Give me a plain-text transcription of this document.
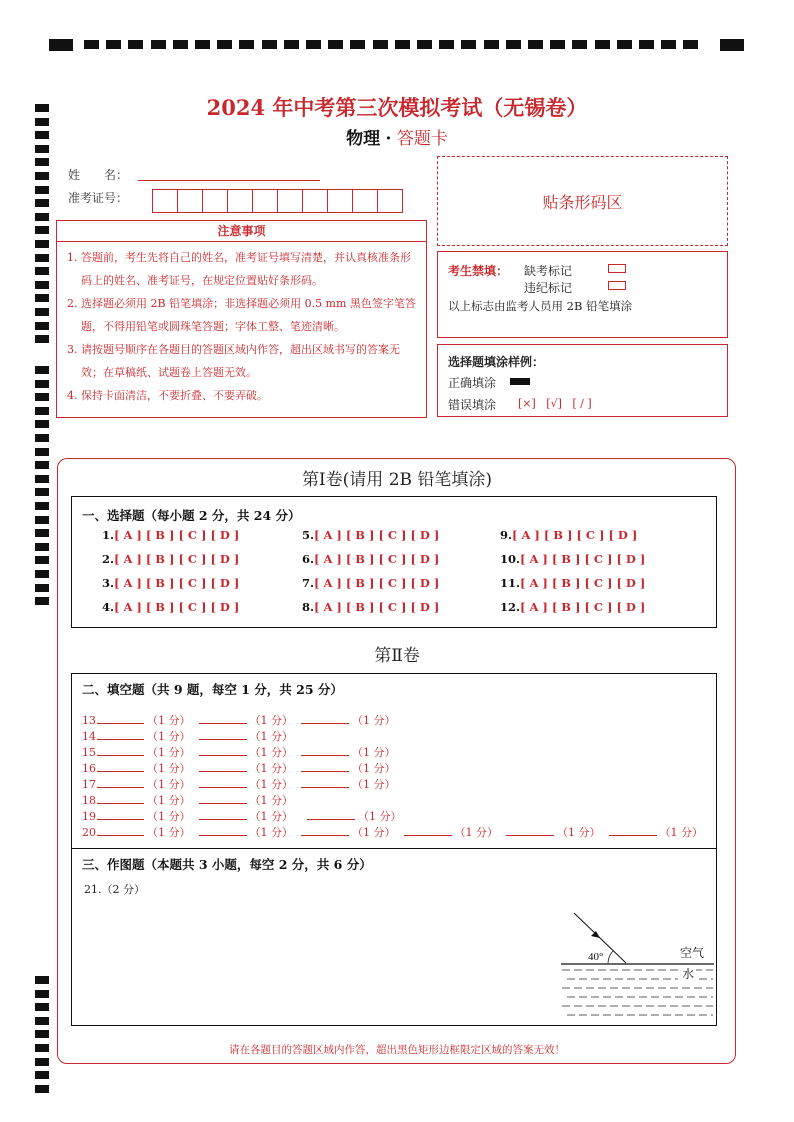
2024 年中考第三次模拟考试（无锡卷）
物理 · 答题卡
姓　　名：
准考证号：	贴条形码区
注意事项
1. 答题前，考生先将自己的姓名，准考证号填写清楚，并认真核准条形码上的姓名、准考证号，在规定位置贴好条形码。
2. 选择题必须用 2B 铅笔填涂；非选择题必须用 0.5 mm 黑色签字笔答题，不得用铅笔或圆珠笔答题；字体工整、笔迹清晰。
3. 请按题号顺序在各题目的答题区域内作答，超出区域书写的答案无效；在草稿纸、试题卷上答题无效。
4. 保持卡面清洁，不要折叠、不要弄破。
考生禁填： 缺考标记
违纪标记
以上标志由监考人员用 2B 铅笔填涂
选择题填涂样例：
正确填涂
错误填涂 [×]   [√]   [ / ]
第Ⅰ卷(请用 2B 铅笔填涂)
一、选择题（每小题 2 分，共 24 分）
1.[ A ] [ B ] [ C ] [ D ]
2.[ A ] [ B ] [ C ] [ D ]
3.[ A ] [ B ] [ C ] [ D ]
4.[ A ] [ B ] [ C ] [ D ]
5.[ A ] [ B ] [ C ] [ D ]
6.[ A ] [ B ] [ C ] [ D ]
7.[ A ] [ B ] [ C ] [ D ]
8.[ A ] [ B ] [ C ] [ D ]
9.[ A ] [ B ] [ C ] [ D ]
10.[ A ] [ B ] [ C ] [ D ]
11.[ A ] [ B ] [ C ] [ D ]
12.[ A ] [ B ] [ C ] [ D ]
第Ⅱ卷
二、填空题（共 9 题，每空 1 分，共 25 分）
13.	（1 分）	（1 分）	（1 分）
14.	（1 分）	（1 分）
15.	（1 分）	（1 分）	（1 分）
16.	（1 分）	（1 分）	（1 分）
17.	（1 分）	（1 分）	（1 分）
18.	（1 分）	（1 分）
19.	（1 分）	（1 分）	（1 分）
20.	（1 分）	（1 分）	（1 分）	（1 分）	（1 分）	（1 分）
三、作图题（本题共 3 小题，每空 2 分，共 6 分）
21.（2 分）
40°	空气
水
请在各题目的答题区域内作答，超出黑色矩形边框限定区域的答案无效！
